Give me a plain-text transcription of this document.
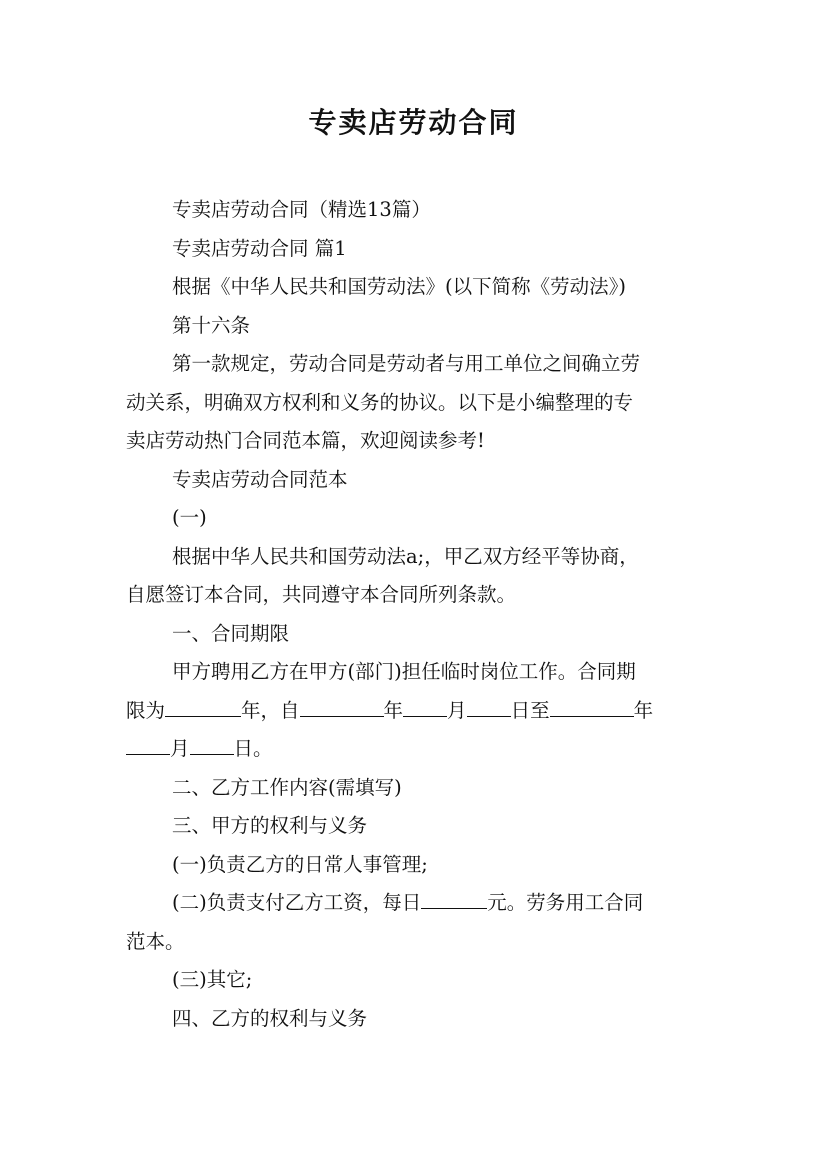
专卖店劳动合同
专卖店劳动合同（精选13篇）
专卖店劳动合同 篇1
根据《中华人民共和国劳动法》(以下简称《劳动法》)
第十六条
第一款规定，劳动合同是劳动者与用工单位之间确立劳
动关系，明确双方权利和义务的协议。以下是小编整理的专
卖店劳动热门合同范本篇，欢迎阅读参考!
专卖店劳动合同范本
(一)
根据中华人民共和国劳动法a;，甲乙双方经平等协商，
自愿签订本合同，共同遵守本合同所列条款。
一、合同期限
甲方聘用乙方在甲方(部门)担任临时岗位工作。合同期
限为	年，自	年 月 日至	年
月 日。
二、乙方工作内容(需填写)
三、甲方的权利与义务
(一)负责乙方的日常人事管理;
(二)负责支付乙方工资，每日	元。劳务用工合同
范本。
(三)其它;
四、乙方的权利与义务
